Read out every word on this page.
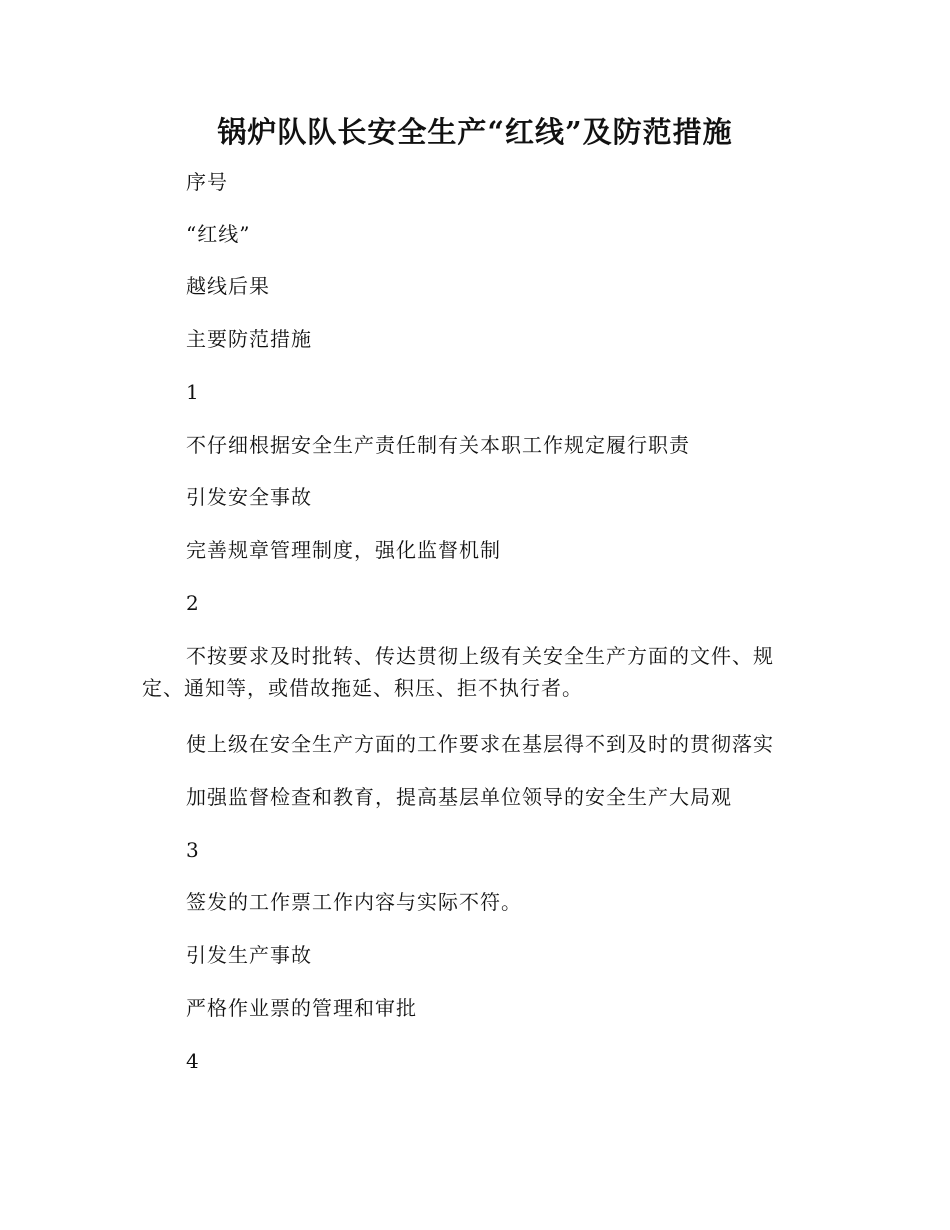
锅炉队队长安全生产“红线”及防范措施

序号

“红线”

越线后果

主要防范措施

1

不仔细根据安全生产责任制有关本职工作规定履行职责

引发安全事故

完善规章管理制度，强化监督机制

2

不按要求及时批转、传达贯彻上级有关安全生产方面的文件、规定、通知等，或借故拖延、积压、拒不执行者。

使上级在安全生产方面的工作要求在基层得不到及时的贯彻落实

加强监督检查和教育，提高基层单位领导的安全生产大局观

3

签发的工作票工作内容与实际不符。

引发生产事故

严格作业票的管理和审批

4
